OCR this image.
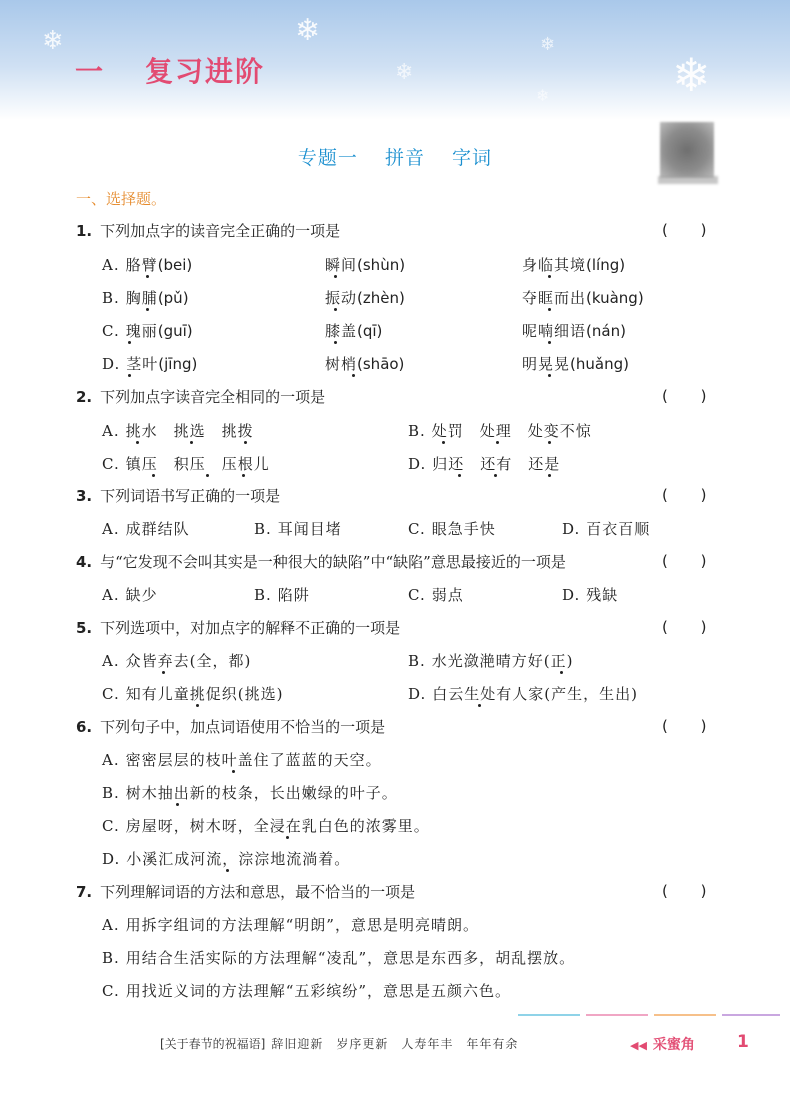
❄	❄
❄
❄
❄
❄
一 复习进阶
专题一 拼音 字词
一、选择题。
1. 下列加点字的读音完全正确的一项是	( )
A. 胳臂(bei)	瞬间(shùn)	身临其境(líng)
B. 胸脯(pǔ)	振动(zhèn)	夺眶而出(kuàng)
C. 瑰丽(guī)	膝盖(qī)	呢喃细语(nán)
D. 茎叶(jīng)	树梢(shāo)	明晃晃(huǎng)
2. 下列加点字读音完全相同的一项是	( )
A. 挑水　挑选　挑拨	B. 处罚　处理　处变不惊
C. 镇压　积压　压根儿	D. 归还　还有　还是
3. 下列词语书写正确的一项是	( )
A. 成群结队	B. 耳闻目堵	C. 眼急手快	D. 百衣百顺
4. 与“它发现不会叫其实是一种很大的缺陷”中“缺陷”意思最接近的一项是	( )
A. 缺少	B. 陷阱	C. 弱点	D. 残缺
5. 下列选项中，对加点字的解释不正确的一项是	( )
A. 众皆弃去(全，都)	B. 水光潋滟晴方好(正)
C. 知有儿童挑促织(挑选)	D. 白云生处有人家(产生，生出)
6. 下列句子中，加点词语使用不恰当的一项是	( )
A. 密密层层的枝叶盖住了蓝蓝的天空。
B. 树木抽出新的枝条，长出嫩绿的叶子。
C. 房屋呀，树木呀，全浸在乳白色的浓雾里。
D. 小溪汇成河流，淙淙地流淌着。
7. 下列理解词语的方法和意思，最不恰当的一项是	( )
A. 用拆字组词的方法理解“明朗”，意思是明亮晴朗。
B. 用结合生活实际的方法理解“凌乱”，意思是东西多，胡乱摆放。
C. 用找近义词的方法理解“五彩缤纷”，意思是五颜六色。
[关于春节的祝福语] 辞旧迎新　岁序更新　人寿年丰　年年有余	◀◀ 采蜜角 1
